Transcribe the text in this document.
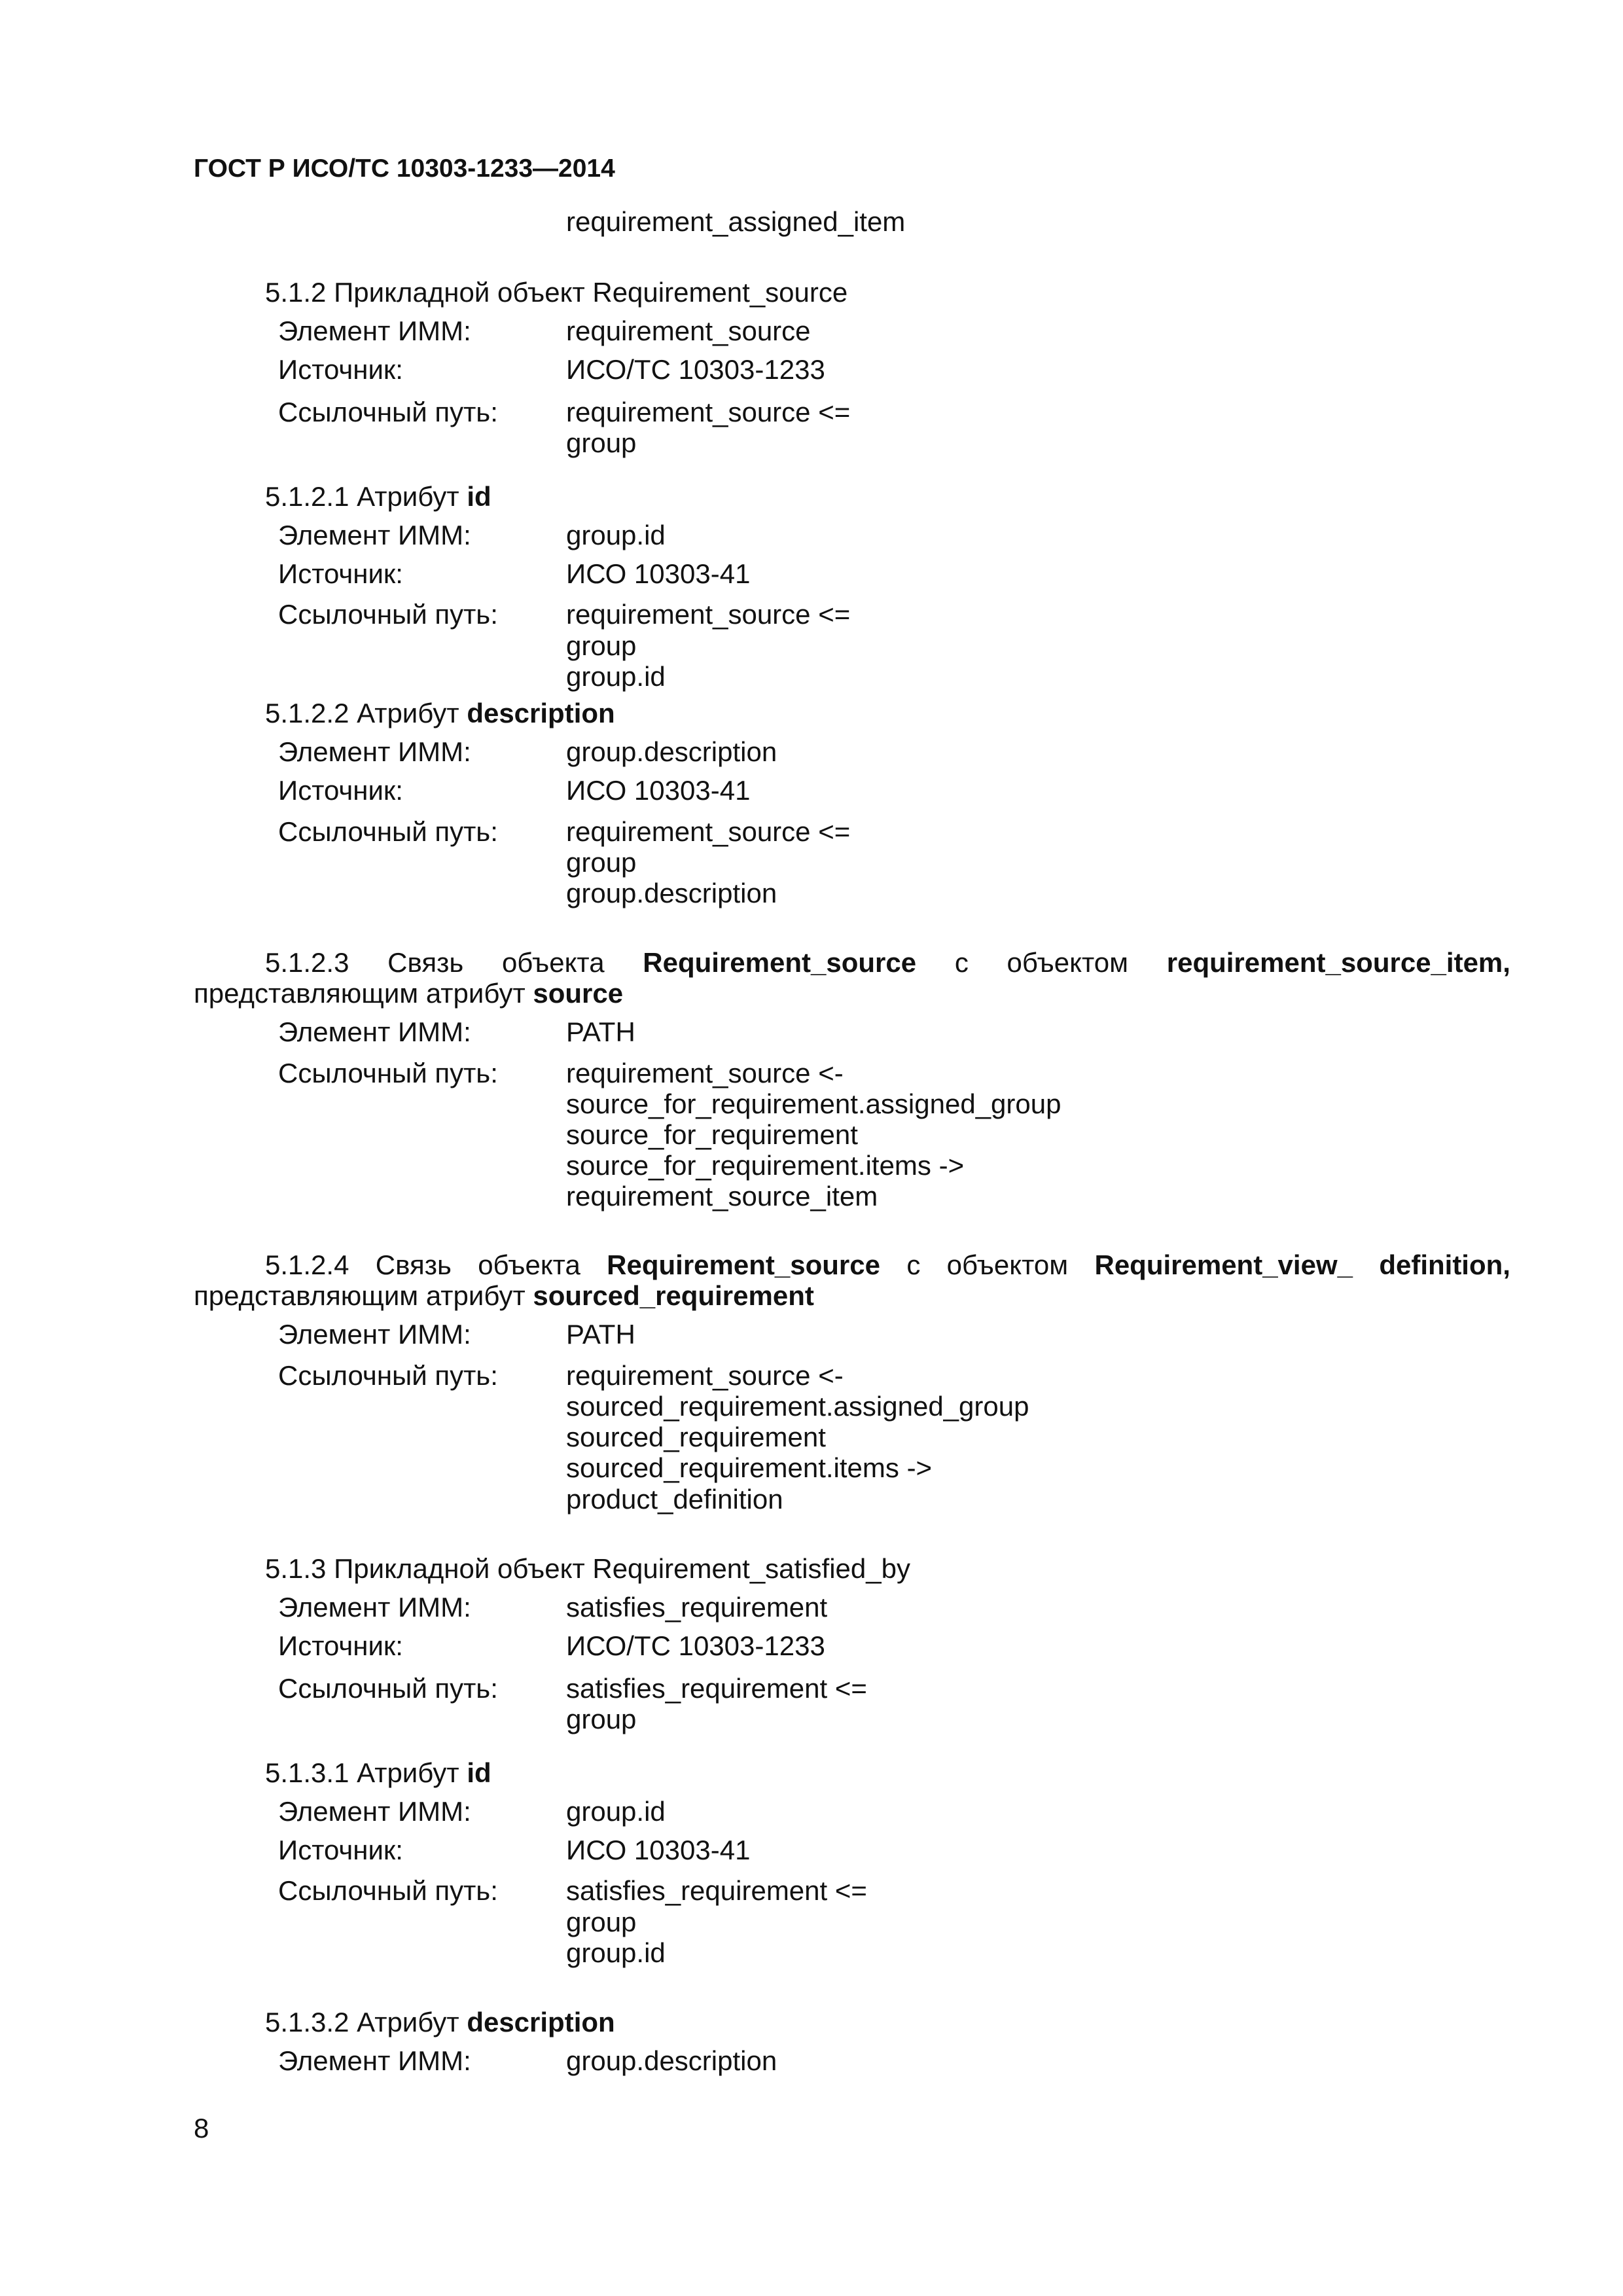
ГОСТ Р ИСО/ТС 10303-1233—2014
requirement_assigned_item
5.1.2 Прикладной объект Requirement_source
Элемент ИММ:	requirement_source
Источник:	ИСО/ТС 10303-1233
Ссылочный путь: requirement_source <=
group
5.1.2.1 Атрибут id
Элемент ИММ:	group.id
Источник:	ИСО 10303-41
Ссылочный путь: requirement_source <=
group
group.id
5.1.2.2 Атрибут description
Элемент ИММ:	group.description
Источник:	ИСО 10303-41
Ссылочный путь: requirement_source <=
group
group.description
5.1.2.3 Связь объекта Requirement_source с объектом requirement_source_item,
представляющим атрибут source
Элемент ИММ:	PATH
Ссылочный путь: requirement_source <-
source_for_requirement.assigned_group
source_for_requirement
source_for_requirement.items ->
requirement_source_item
5.1.2.4 Связь объекта Requirement_source с объектом Requirement_view_ definition,
представляющим атрибут sourced_requirement
Элемент ИММ:	PATH
Ссылочный путь: requirement_source <-
sourced_requirement.assigned_group
sourced_requirement
sourced_requirement.items ->
product_definition
5.1.3 Прикладной объект Requirement_satisfied_by
Элемент ИММ:	satisfies_requirement
Источник:	ИСО/ТС 10303-1233
Ссылочный путь: satisfies_requirement <=
group
5.1.3.1 Атрибут id
Элемент ИММ:	group.id
Источник:	ИСО 10303-41
Ссылочный путь: satisfies_requirement <=
group
group.id
5.1.3.2 Атрибут description
Элемент ИММ:	group.description
8
